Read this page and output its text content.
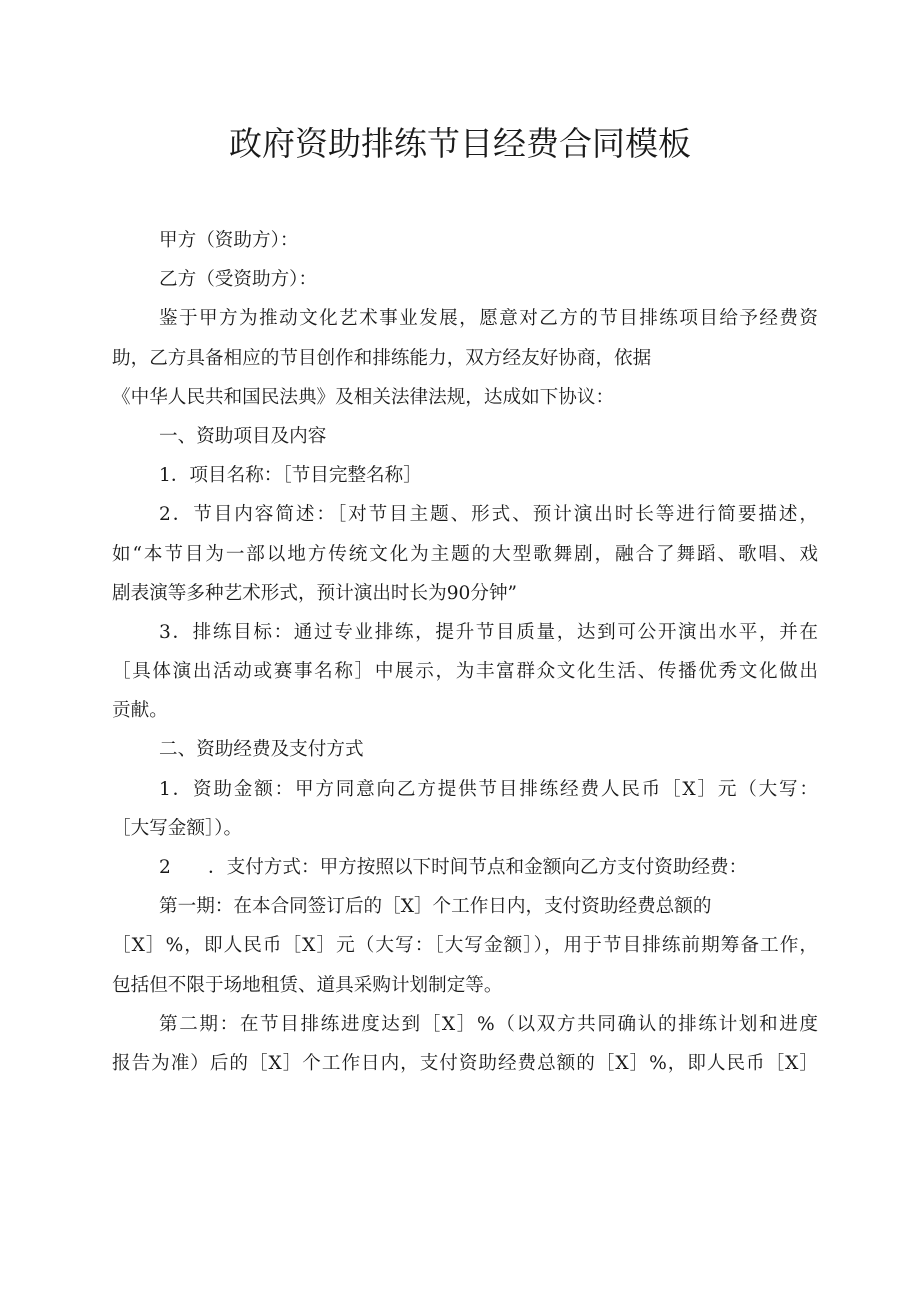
政府资助排练节目经费合同模板
甲方（资助方）：
乙方（受资助方）：
鉴于甲方为推动文化艺术事业发展，愿意对乙方的节目排练项目给予经费资
助，乙方具备相应的节目创作和排练能力，双方经友好协商，依据
《中华人民共和国民法典》及相关法律法规，达成如下协议：
一、资助项目及内容
1．项目名称：［节目完整名称］
2．节目内容简述：［对节目主题、形式、预计演出时长等进行简要描述，
如“本节目为一部以地方传统文化为主题的大型歌舞剧，融合了舞蹈、歌唱、戏
剧表演等多种艺术形式，预计演出时长为90分钟”
3．排练目标：通过专业排练，提升节目质量，达到可公开演出水平，并在
［具体演出活动或赛事名称］中展示，为丰富群众文化生活、传播优秀文化做出
贡献。
二、资助经费及支付方式
1．资助金额：甲方同意向乙方提供节目排练经费人民币［X］元（大写：
［大写金额］）。
2　　．支付方式：甲方按照以下时间节点和金额向乙方支付资助经费：
第一期：在本合同签订后的［X］个工作日内，支付资助经费总额的
［X］%，即人民币［X］元（大写：［大写金额］），用于节目排练前期筹备工作，
包括但不限于场地租赁、道具采购计划制定等。
第二期：在节目排练进度达到［X］%（以双方共同确认的排练计划和进度
报告为准）后的［X］个工作日内，支付资助经费总额的［X］%，即人民币［X］
